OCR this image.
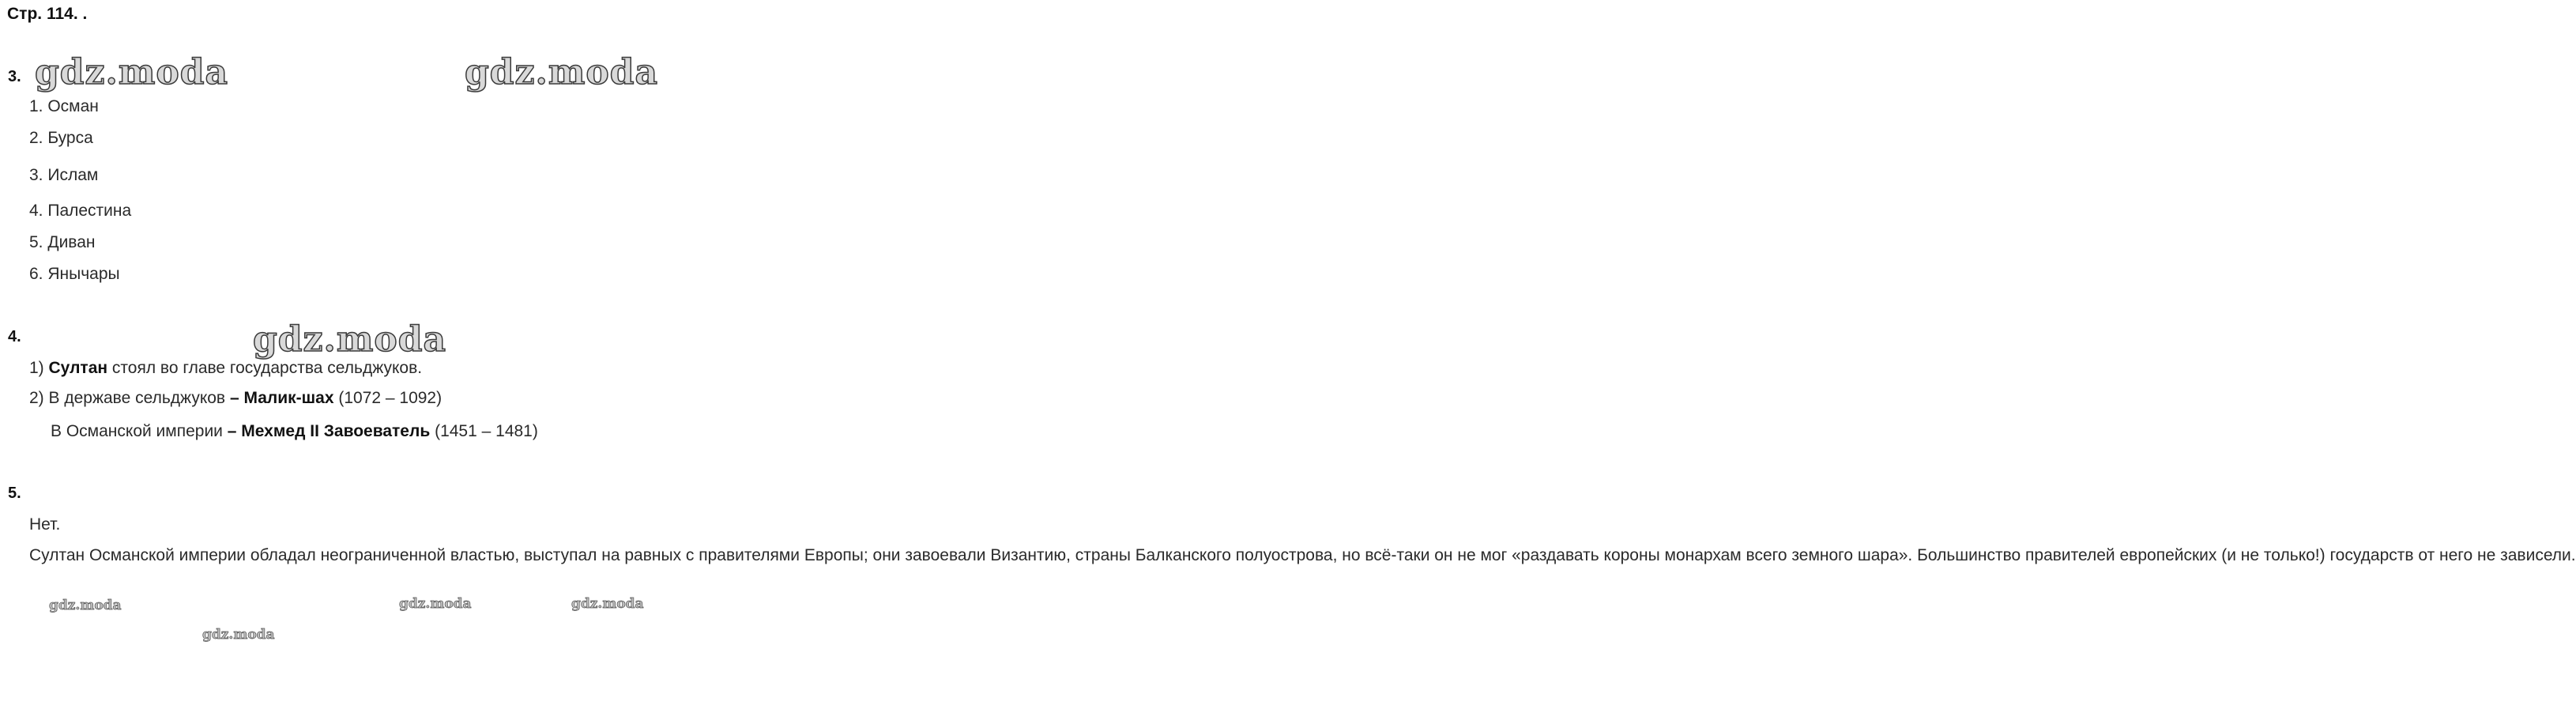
Стр. 114. .
3. gdz.moda	gdz.moda
1. Осман
2. Бурса
3. Ислам
4. Палестина
5. Диван
6. Янычары
4.	gdz.moda
1) Султан стоял во главе государства сельджуков.
2) В державе сельджуков – Малик-шах (1072 – 1092)
В Османской империи – Мехмед II Завоеватель (1451 – 1481)
5.

Нет.

Султан Османской империи обладал неограниченной властью, выступал на равных с правителями Европы; они завоевали Византию, страны Балканского полуострова, но всё-таки он не мог «раздавать короны монархам всего земного шара». Большинство правителей европейских (и не только!) государств от него не зависели.

gdz.moda	gdz.moda	gdz.moda
gdz.moda
